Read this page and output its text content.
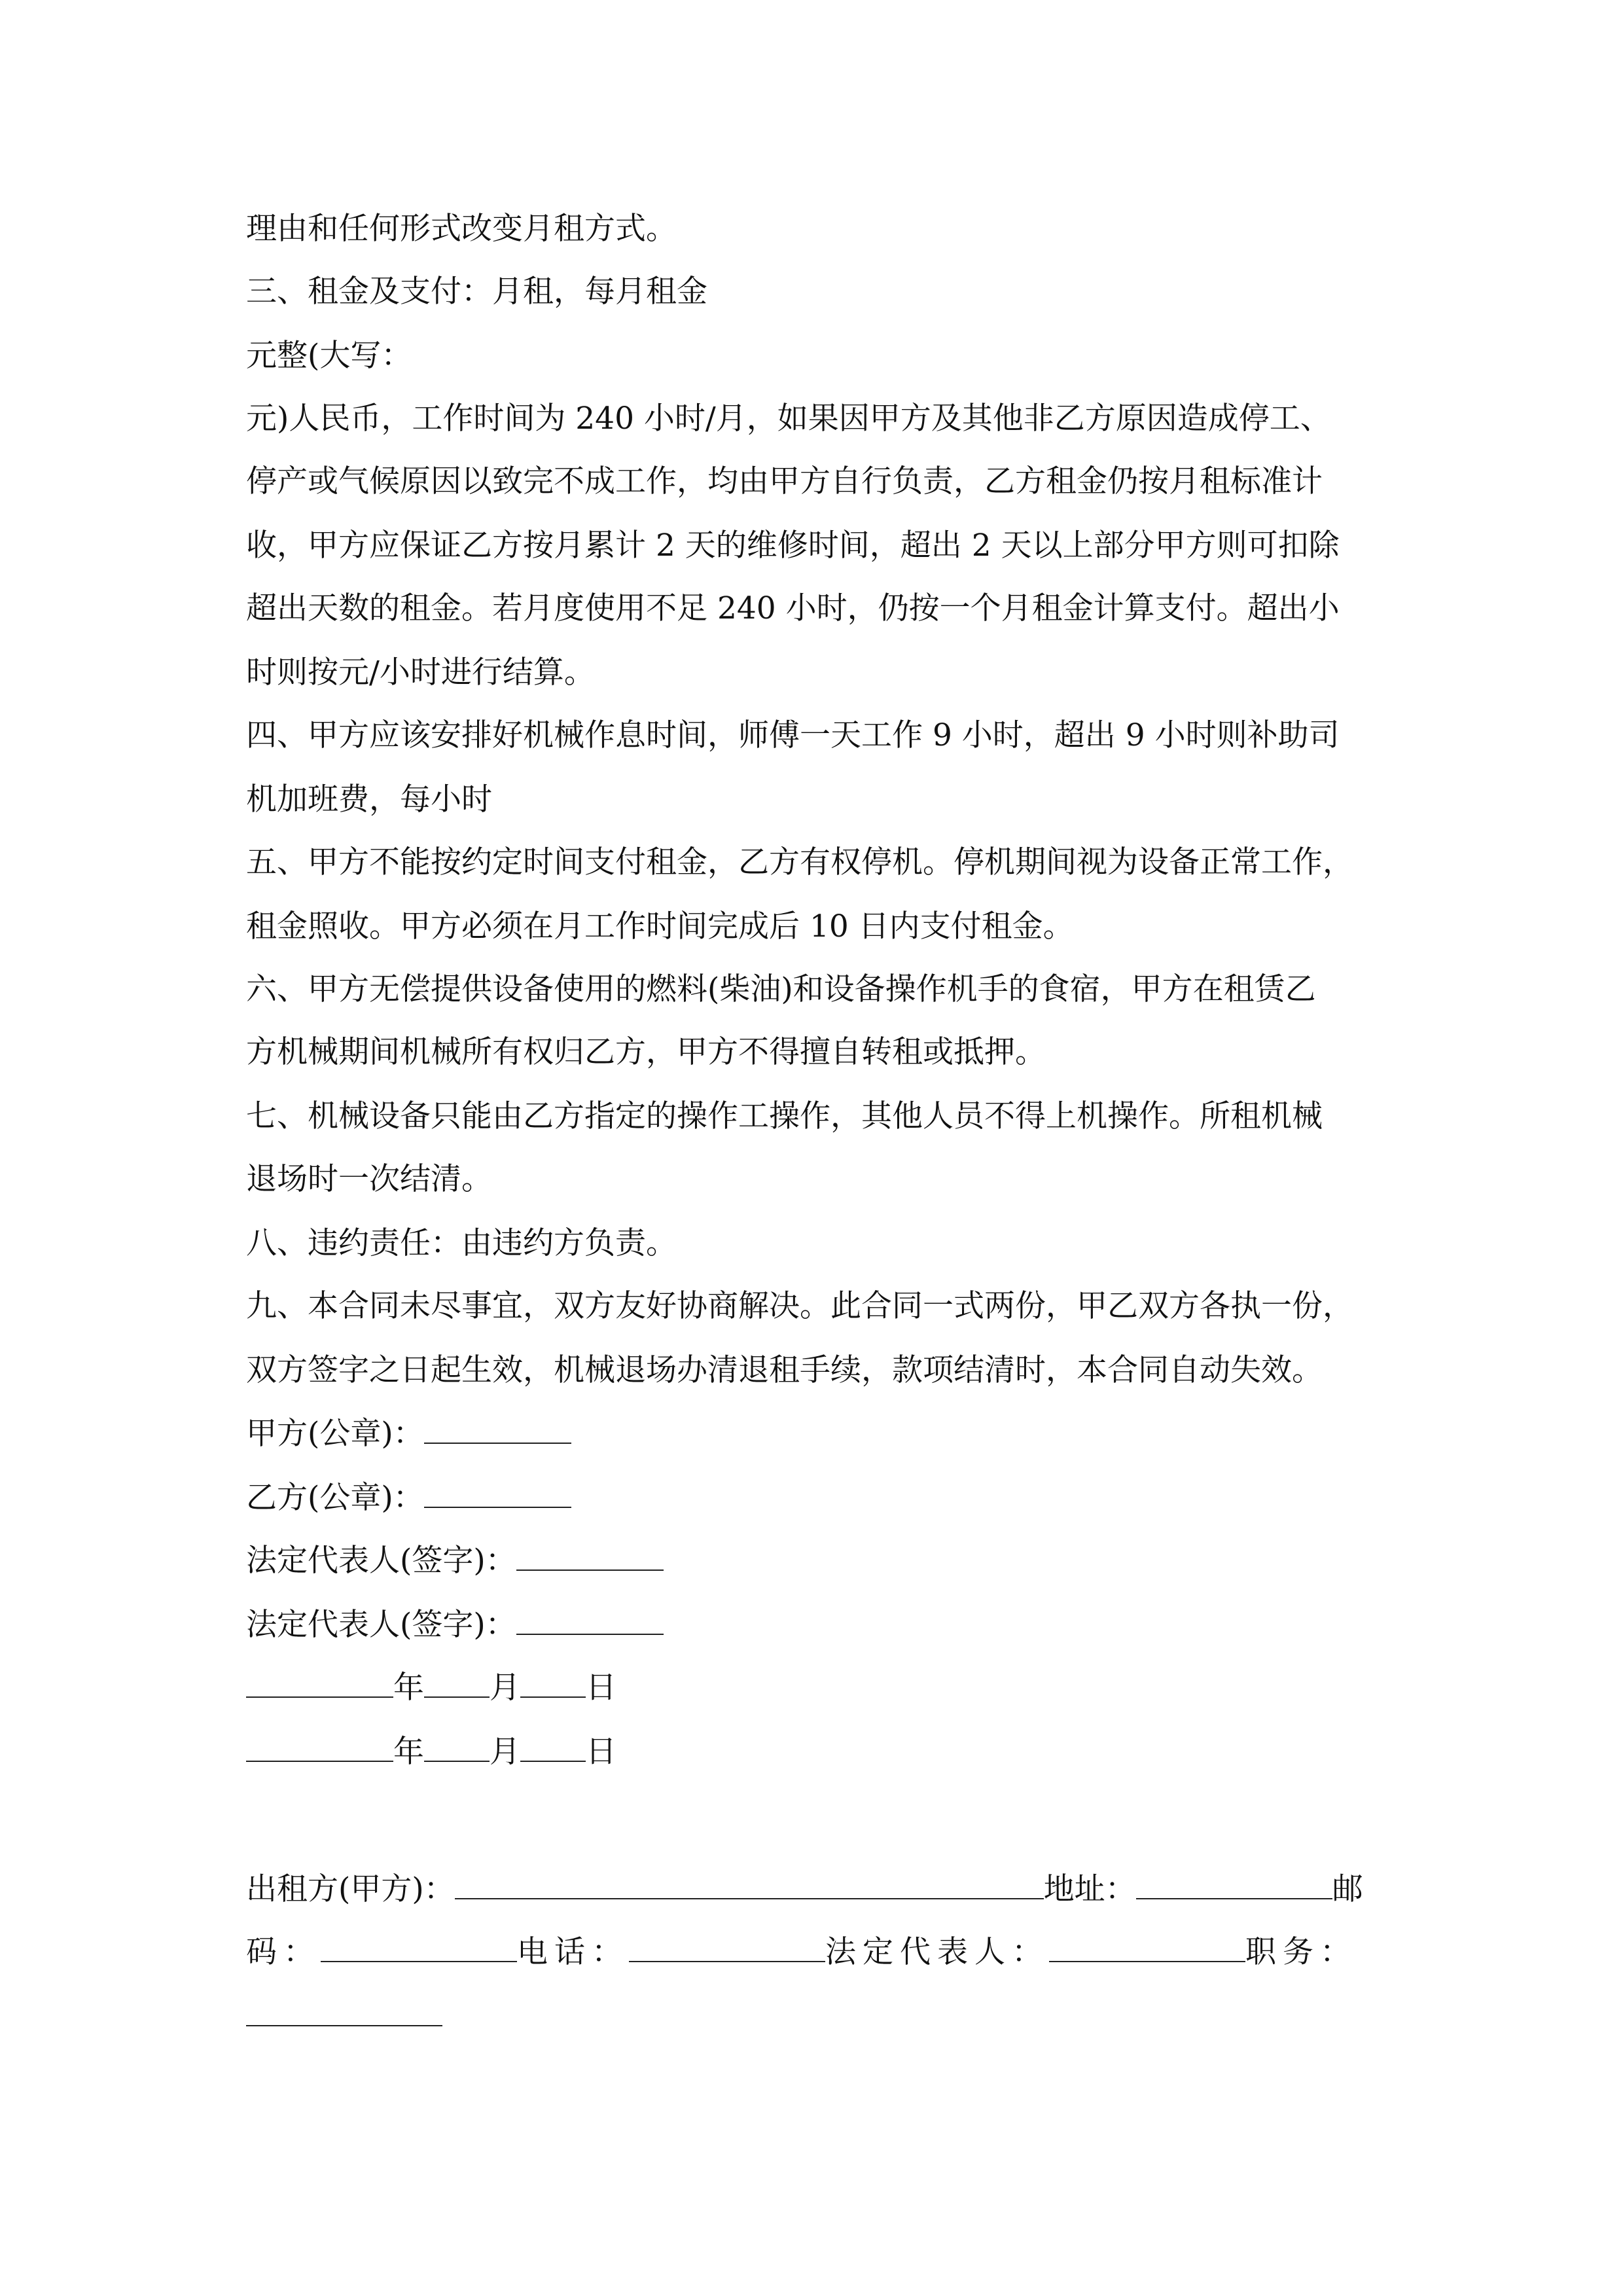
理由和任何形式改变月租方式。
三、租金及支付：月租，每月租金
元整(大写：
元)人民币，工作时间为 240 小时/月，如果因甲方及其他非乙方原因造成停工、
停产或气候原因以致完不成工作，均由甲方自行负责，乙方租金仍按月租标准计
收，甲方应保证乙方按月累计 2 天的维修时间，超出 2 天以上部分甲方则可扣除
超出天数的租金。若月度使用不足 240 小时，仍按一个月租金计算支付。超出小
时则按元/小时进行结算。
四、甲方应该安排好机械作息时间，师傅一天工作 9 小时，超出 9 小时则补助司
机加班费，每小时
五、甲方不能按约定时间支付租金，乙方有权停机。停机期间视为设备正常工作，
租金照收。甲方必须在月工作时间完成后 10 日内支付租金。
六、甲方无偿提供设备使用的燃料(柴油)和设备操作机手的食宿，甲方在租赁乙
方机械期间机械所有权归乙方，甲方不得擅自转租或抵押。
七、机械设备只能由乙方指定的操作工操作，其他人员不得上机操作。所租机械
退场时一次结清。
八、违约责任：由违约方负责。
九、本合同未尽事宜，双方友好协商解决。此合同一式两份，甲乙双方各执一份，
双方签字之日起生效，机械退场办清退租手续，款项结清时，本合同自动失效。
甲方(公章)：
乙方(公章)：
法定代表人(签字)：
法定代表人(签字)：
年 月 日
年 月 日
出租方(甲方)：	地址：	邮
码：	电话：	法定代表人：	职务：
